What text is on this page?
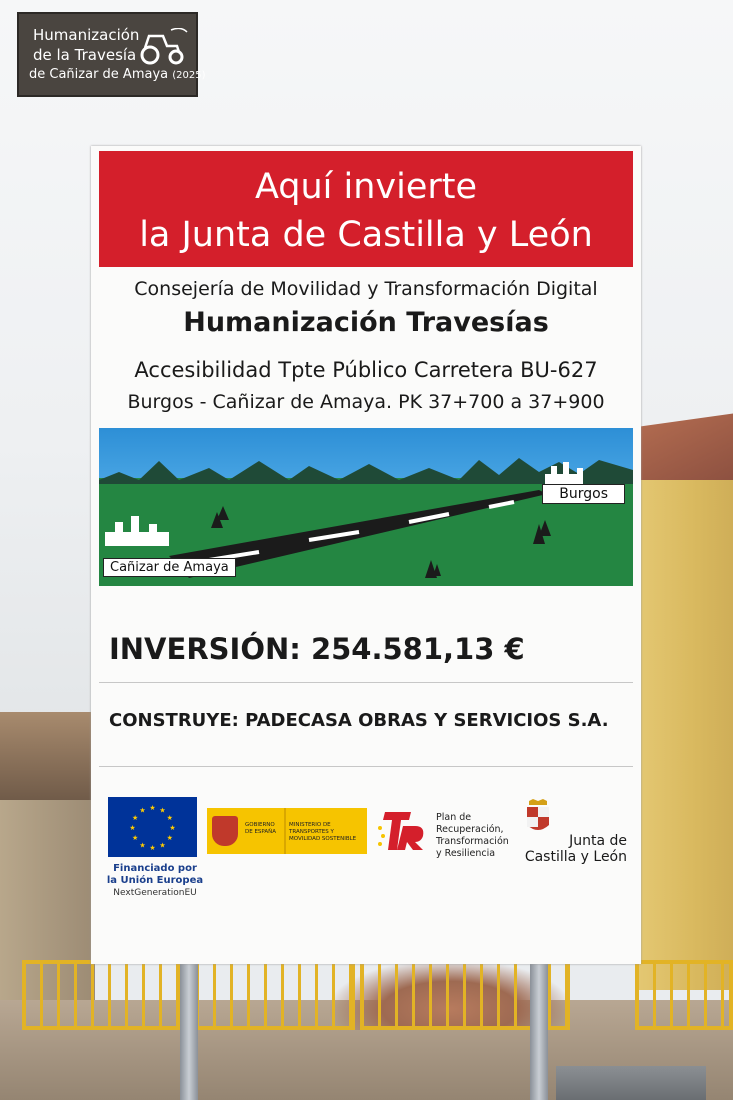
Humanización
de la Travesía
de Cañizar de Amaya (2025)
Aquí invierte
la Junta de Castilla y León
Consejería de Movilidad y Transformación Digital
Humanización Travesías
Accesibilidad Tpte Público Carretera BU-627
Burgos - Cañizar de Amaya. PK 37+700 a 37+900
Burgos
Cañizar de Amaya
INVERSIÓN: 254.581,13 €
CONSTRUYE: PADECASA OBRAS Y SERVICIOS S.A.
★ ★
★
★
★
★
★
★
★
★
★
★
Financiado por
la Unión Europea
NextGenerationEU
GOBIERNO DE ESPAÑA
MINISTERIO DE TRANSPORTES Y MOVILIDAD SOSTENIBLE
Plan de
Recuperación,
Transformación
y Resiliencia
Junta de
Castilla y León
